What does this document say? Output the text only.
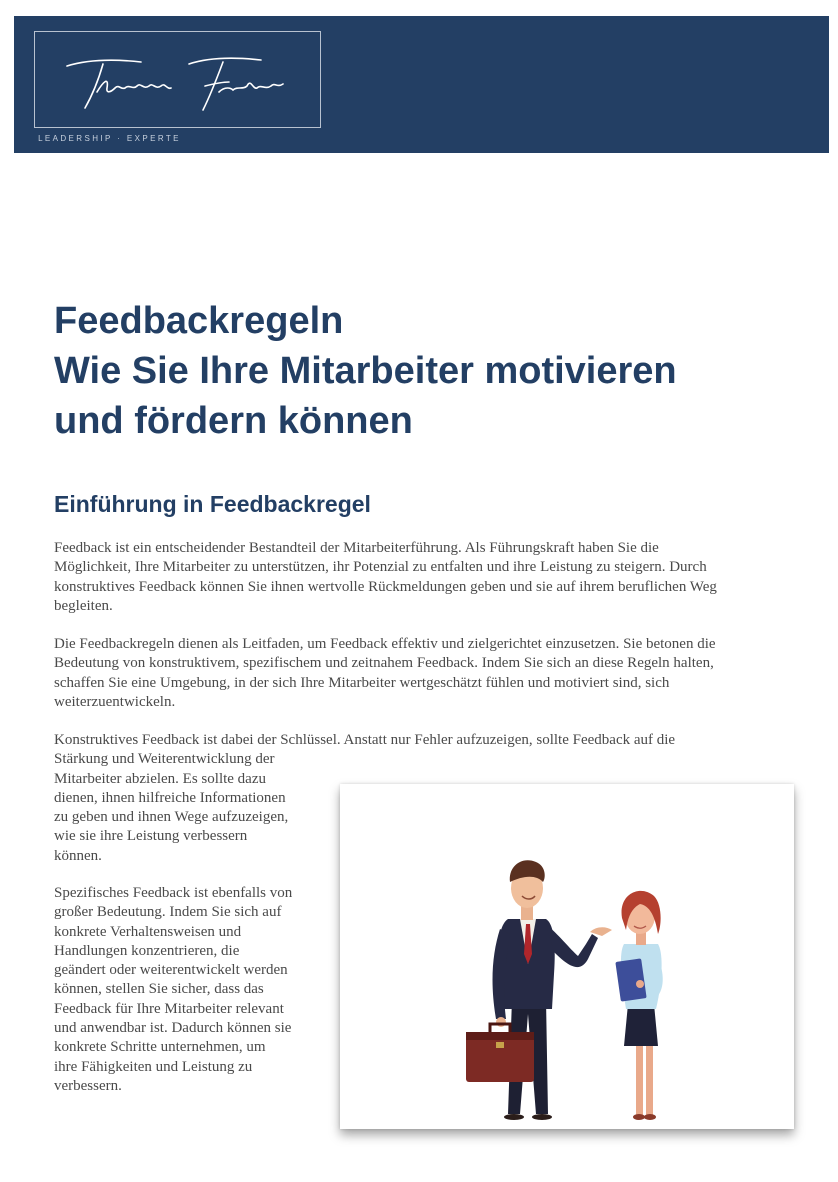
LEADERSHIP · EXPERTE
Feedbackregeln
Wie Sie Ihre Mitarbeiter motivieren
und fördern können
Einführung in Feedbackregel

Feedback ist ein entscheidender Bestandteil der Mitarbeiterführung. Als Führungskraft haben Sie die
Möglichkeit, Ihre Mitarbeiter zu unterstützen, ihr Potenzial zu entfalten und ihre Leistung zu steigern. Durch
konstruktives Feedback können Sie ihnen wertvolle Rückmeldungen geben und sie auf ihrem beruflichen Weg
begleiten.

Die Feedbackregeln dienen als Leitfaden, um Feedback effektiv und zielgerichtet einzusetzen. Sie betonen die
Bedeutung von konstruktivem, spezifischem und zeitnahem Feedback. Indem Sie sich an diese Regeln halten,
schaffen Sie eine Umgebung, in der sich Ihre Mitarbeiter wertgeschätzt fühlen und motiviert sind, sich
weiterzuentwickeln.

Konstruktives Feedback ist dabei der Schlüssel. Anstatt nur Fehler aufzuzeigen, sollte Feedback auf die
Stärkung und Weiterentwicklung der
Mitarbeiter abzielen. Es sollte dazu
dienen, ihnen hilfreiche Informationen
zu geben und ihnen Wege aufzuzeigen,
wie sie ihre Leistung verbessern
können.

Spezifisches Feedback ist ebenfalls von
großer Bedeutung. Indem Sie sich auf
konkrete Verhaltensweisen und
Handlungen konzentrieren, die
geändert oder weiterentwickelt werden
können, stellen Sie sicher, dass das
Feedback für Ihre Mitarbeiter relevant
und anwendbar ist. Dadurch können sie
konkrete Schritte unternehmen, um
ihre Fähigkeiten und Leistung zu
verbessern.
